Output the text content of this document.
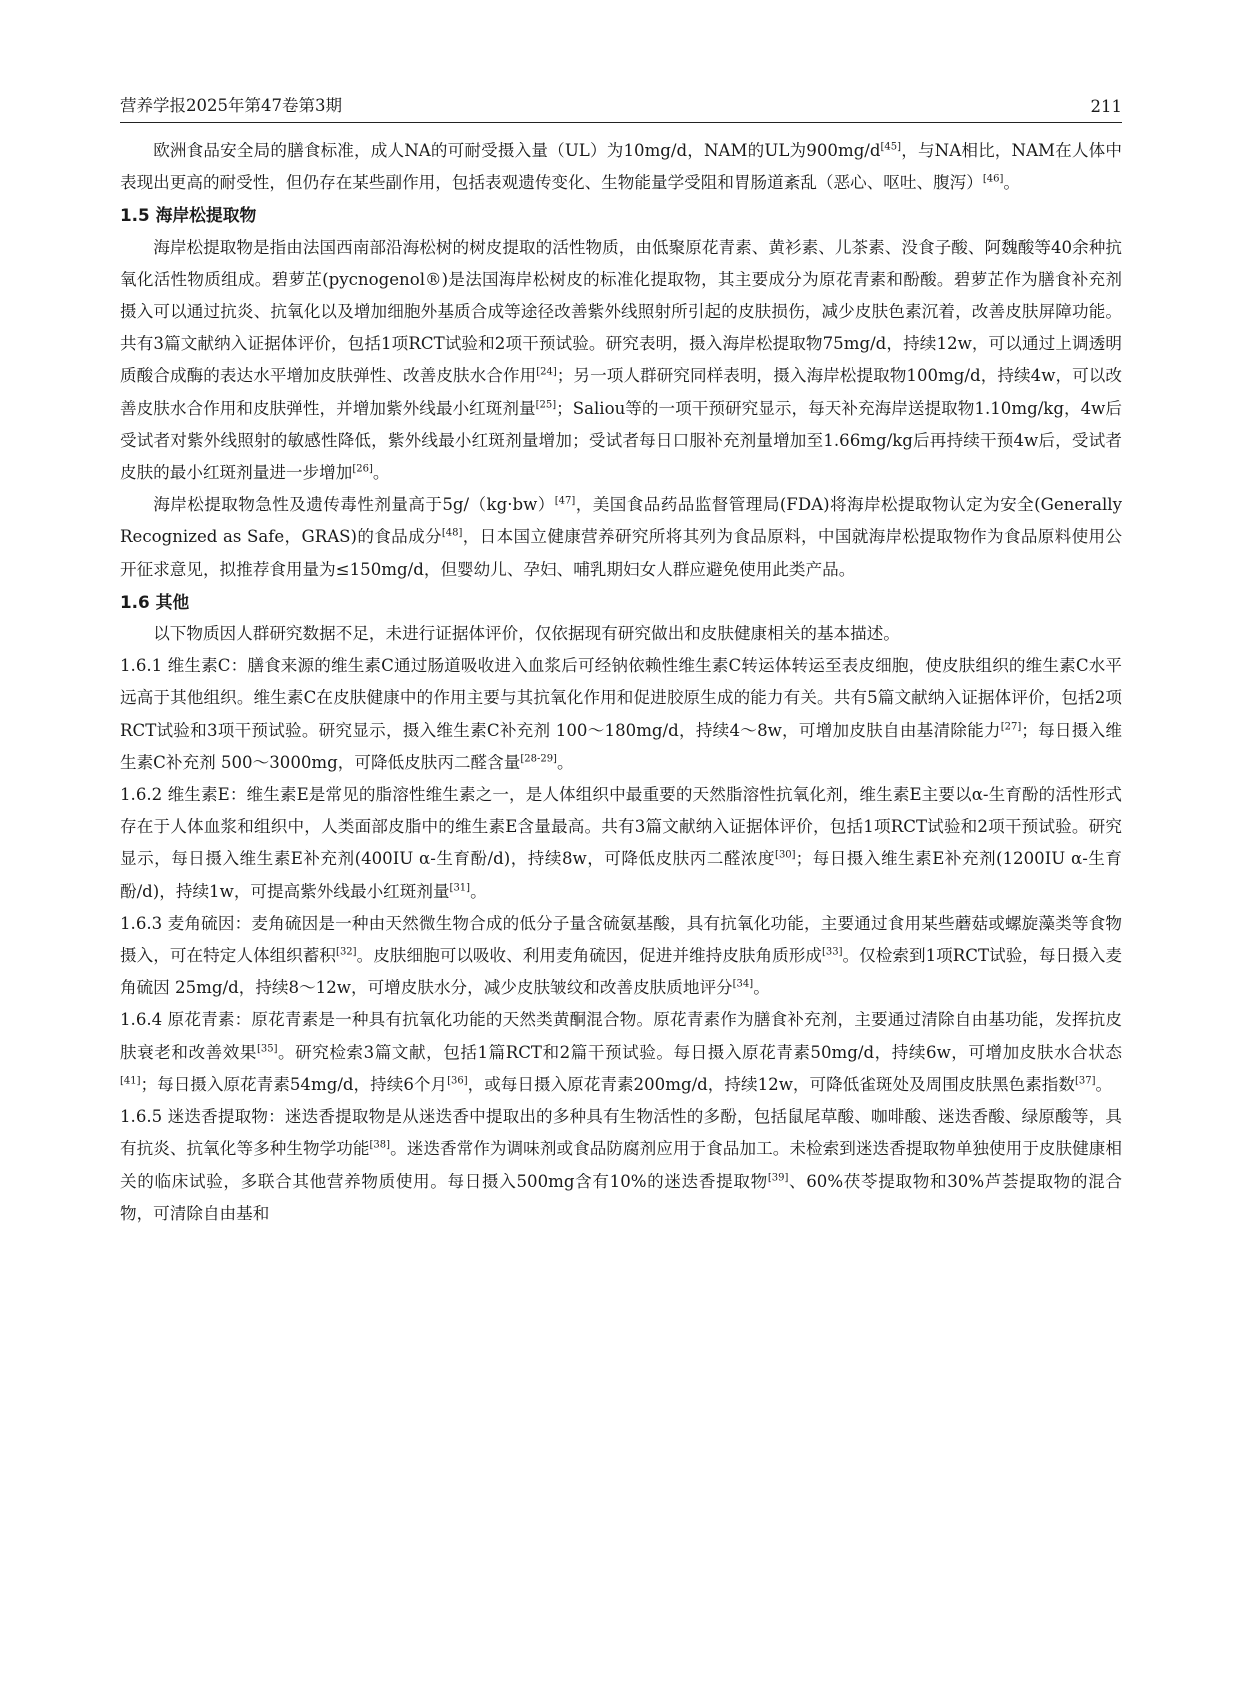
营养学报2025年第47卷第3期	211

欧洲食品安全局的膳食标准，成人NA的可耐受摄入量（UL）为10mg/d，NAM的UL为900mg/d[45]，与NA相比，NAM在人体中表现出更高的耐受性，但仍存在某些副作用，包括表观遗传变化、生物能量学受阻和胃肠道紊乱（恶心、呕吐、腹泻）[46]。

1.5 海岸松提取物

海岸松提取物是指由法国西南部沿海松树的树皮提取的活性物质，由低聚原花青素、黄衫素、儿茶素、没食子酸、阿魏酸等40余种抗氧化活性物质组成。碧萝芷(pycnogenol®)是法国海岸松树皮的标准化提取物，其主要成分为原花青素和酚酸。碧萝芷作为膳食补充剂摄入可以通过抗炎、抗氧化以及增加细胞外基质合成等途径改善紫外线照射所引起的皮肤损伤，减少皮肤色素沉着，改善皮肤屏障功能。共有3篇文献纳入证据体评价，包括1项RCT试验和2项干预试验。研究表明，摄入海岸松提取物75mg/d，持续12w，可以通过上调透明质酸合成酶的表达水平增加皮肤弹性、改善皮肤水合作用[24]；另一项人群研究同样表明，摄入海岸松提取物100mg/d，持续4w，可以改善皮肤水合作用和皮肤弹性，并增加紫外线最小红斑剂量[25]；Saliou等的一项干预研究显示，每天补充海岸送提取物1.10mg/kg，4w后受试者对紫外线照射的敏感性降低，紫外线最小红斑剂量增加；受试者每日口服补充剂量增加至1.66mg/kg后再持续干预4w后，受试者皮肤的最小红斑剂量进一步增加[26]。

海岸松提取物急性及遗传毒性剂量高于5g/（kg·bw）[47]，美国食品药品监督管理局(FDA)将海岸松提取物认定为安全(Generally Recognized as Safe，GRAS)的食品成分[48]，日本国立健康营养研究所将其列为食品原料，中国就海岸松提取物作为食品原料使用公开征求意见，拟推荐食用量为≤150mg/d，但婴幼儿、孕妇、哺乳期妇女人群应避免使用此类产品。

1.6 其他

以下物质因人群研究数据不足，未进行证据体评价，仅依据现有研究做出和皮肤健康相关的基本描述。

1.6.1 维生素C：膳食来源的维生素C通过肠道吸收进入血浆后可经钠依赖性维生素C转运体转运至表皮细胞，使皮肤组织的维生素C水平远高于其他组织。维生素C在皮肤健康中的作用主要与其抗氧化作用和促进胶原生成的能力有关。共有5篇文献纳入证据体评价，包括2项RCT试验和3项干预试验。研究显示，摄入维生素C补充剂 100～180mg/d，持续4～8w，可增加皮肤自由基清除能力[27]；每日摄入维生素C补充剂 500～3000mg，可降低皮肤丙二醛含量[28-29]。

1.6.2 维生素E：维生素E是常见的脂溶性维生素之一，是人体组织中最重要的天然脂溶性抗氧化剂，维生素E主要以α-生育酚的活性形式存在于人体血浆和组织中，人类面部皮脂中的维生素E含量最高。共有3篇文献纳入证据体评价，包括1项RCT试验和2项干预试验。研究显示，每日摄入维生素E补充剂(400IU α-生育酚/d)，持续8w，可降低皮肤丙二醛浓度[30]；每日摄入维生素E补充剂(1200IU α-生育酚/d)，持续1w，可提高紫外线最小红斑剂量[31]。

1.6.3 麦角硫因：麦角硫因是一种由天然微生物合成的低分子量含硫氨基酸，具有抗氧化功能，主要通过食用某些蘑菇或螺旋藻类等食物摄入，可在特定人体组织蓄积[32]。皮肤细胞可以吸收、利用麦角硫因，促进并维持皮肤角质形成[33]。仅检索到1项RCT试验，每日摄入麦角硫因 25mg/d，持续8～12w，可增皮肤水分，减少皮肤皱纹和改善皮肤质地评分[34]。

1.6.4 原花青素：原花青素是一种具有抗氧化功能的天然类黄酮混合物。原花青素作为膳食补充剂，主要通过清除自由基功能，发挥抗皮肤衰老和改善效果[35]。研究检索3篇文献，包括1篇RCT和2篇干预试验。每日摄入原花青素50mg/d，持续6w，可增加皮肤水合状态[41]；每日摄入原花青素54mg/d，持续6个月[36]，或每日摄入原花青素200mg/d，持续12w，可降低雀斑处及周围皮肤黑色素指数[37]。

1.6.5 迷迭香提取物：迷迭香提取物是从迷迭香中提取出的多种具有生物活性的多酚，包括鼠尾草酸、咖啡酸、迷迭香酸、绿原酸等，具有抗炎、抗氧化等多种生物学功能[38]。迷迭香常作为调味剂或食品防腐剂应用于食品加工。未检索到迷迭香提取物单独使用于皮肤健康相关的临床试验，多联合其他营养物质使用。每日摄入500mg含有10%的迷迭香提取物[39]、60%茯苓提取物和30%芦荟提取物的混合物，可清除自由基和
